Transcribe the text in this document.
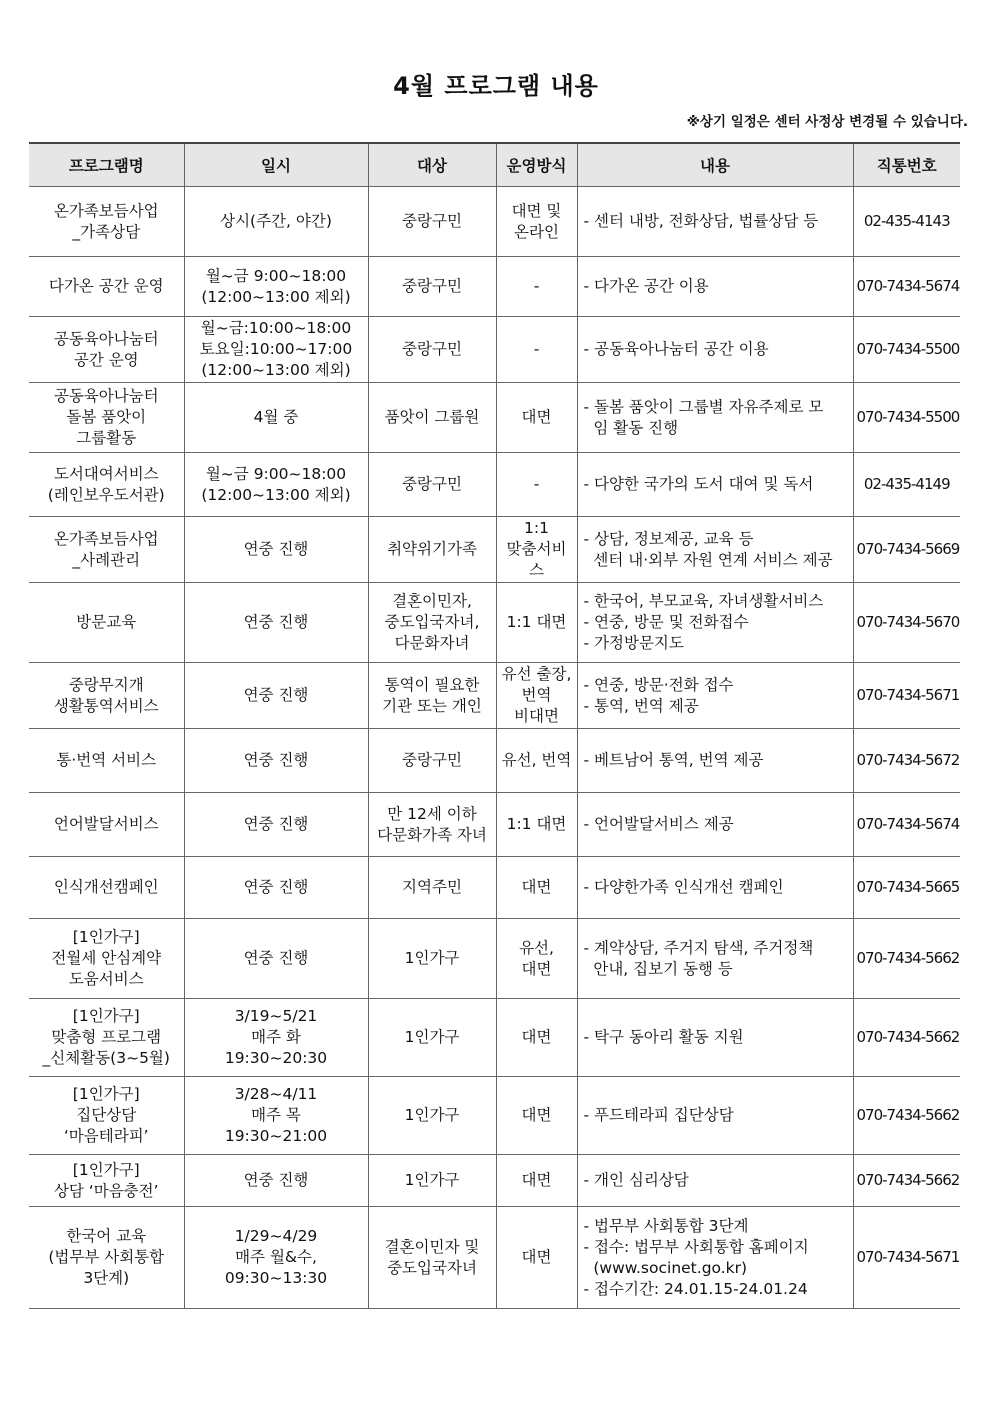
4월 프로그램 내용
※상기 일정은 센터 사정상 변경될 수 있습니다.
프로그램명	일시	대상	운영방식	내용	직통번호
온가족보듬사업
_가족상담	상시(주간, 야간)	중랑구민	대면 및
온라인	- 센터 내방, 전화상담, 법률상담 등	02-435-4143
다가온 공간 운영	월~금 9:00~18:00
(12:00~13:00 제외)	중랑구민	-	- 다가온 공간 이용	070-7434-5674
공동육아나눔터
공간 운영	월~금:10:00~18:00
토요일:10:00~17:00
(12:00~13:00 제외)	중랑구민	-	- 공동육아나눔터 공간 이용	070-7434-5500
공동육아나눔터
돌봄 품앗이
그룹활동	4월 중	품앗이 그룹원	대면	- 돌봄 품앗이 그룹별 자유주제로 모
임 활동 진행	070-7434-5500
도서대여서비스
(레인보우도서관)	월~금 9:00~18:00
(12:00~13:00 제외)	중랑구민	-	- 다양한 국가의 도서 대여 및 독서	02-435-4149
온가족보듬사업
_사례관리	연중 진행	취약위기가족	1:1
맞춤서비
스	- 상담, 정보제공, 교육 등
센터 내·외부 자원 연계 서비스 제공	070-7434-5669
방문교육	연중 진행	결혼이민자,
중도입국자녀,
다문화자녀	1:1 대면	- 한국어, 부모교육, 자녀생활서비스
- 연중, 방문 및 전화접수
- 가정방문지도	070-7434-5670
중랑무지개
생활통역서비스	연중 진행	통역이 필요한
기관 또는 개인	유선 출장,
번역 비대면	- 연중, 방문·전화 접수
- 통역, 번역 제공	070-7434-5671
통·번역 서비스	연중 진행	중랑구민	유선, 번역	- 베트남어 통역, 번역 제공	070-7434-5672
언어발달서비스	연중 진행	만 12세 이하
다문화가족 자녀	1:1 대면	- 언어발달서비스 제공	070-7434-5674
인식개선캠페인	연중 진행	지역주민	대면	- 다양한가족 인식개선 캠페인	070-7434-5665
[1인가구]
전월세 안심계약
도움서비스	연중 진행	1인가구	유선,
대면	- 계약상담, 주거지 탐색, 주거정책
안내, 집보기 동행 등	070-7434-5662
[1인가구]
맞춤형 프로그램
_신체활동(3~5월)	3/19~5/21
매주 화
19:30~20:30	1인가구	대면	- 탁구 동아리 활동 지원	070-7434-5662
[1인가구]
집단상담
‘마음테라피’	3/28~4/11
매주 목
19:30~21:00	1인가구	대면	- 푸드테라피 집단상담	070-7434-5662
[1인가구]
상담 ‘마음충전’	연중 진행	1인가구	대면	- 개인 심리상담	070-7434-5662
한국어 교육
(법무부 사회통합
3단계)	1/29~4/29
매주 월&수,
09:30~13:30	결혼이민자 및
중도입국자녀	대면	- 법무부 사회통합 3단계
- 접수: 법무부 사회통합 홈페이지
(www.socinet.go.kr)
- 접수기간: 24.01.15-24.01.24	070-7434-5671
